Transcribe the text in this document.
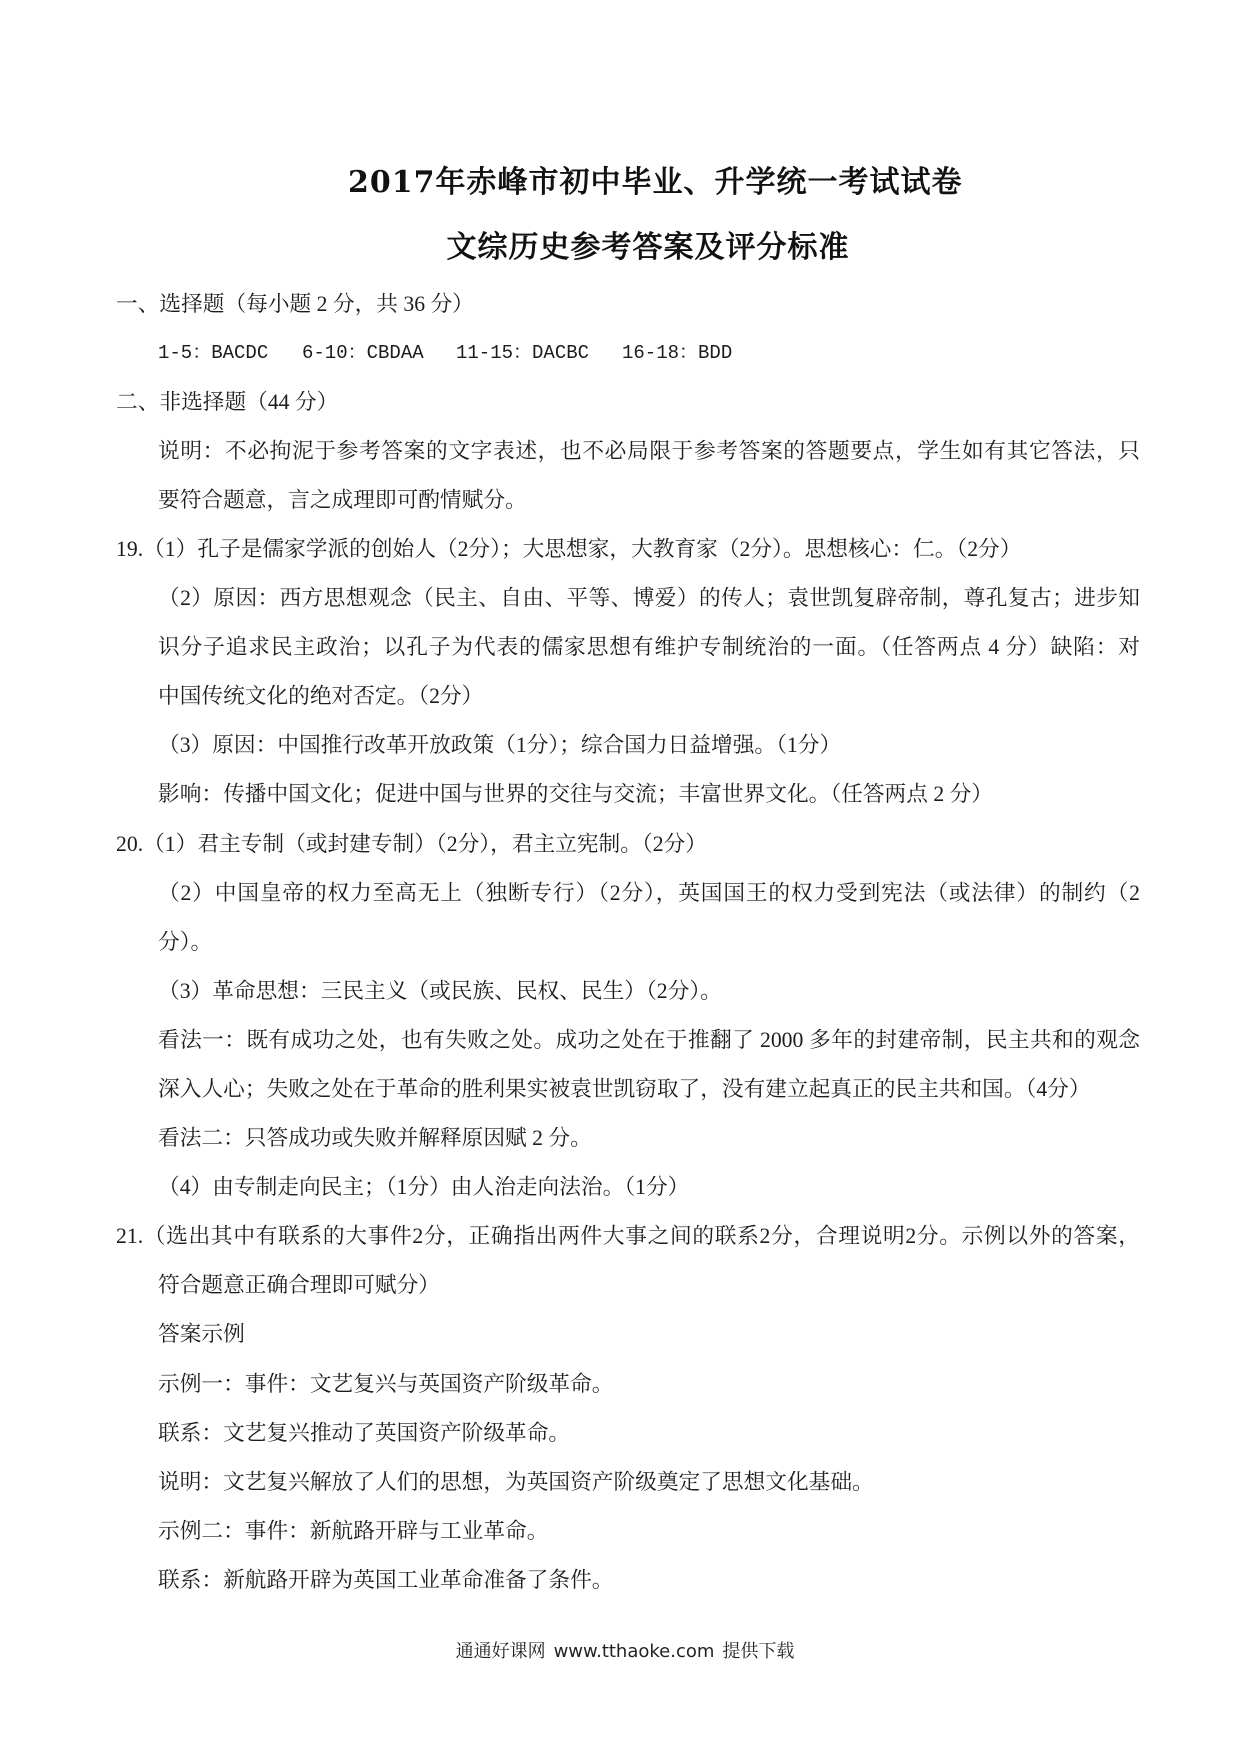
2017年赤峰市初中毕业、升学统一考试试卷
文综历史参考答案及评分标准
一、选择题（每小题 2 分，共 36 分）
1-5：BACDC 6-10：CBDAA 11-15：DACBC 16-18：BDD
二、非选择题（44 分）
说明：不必拘泥于参考答案的文字表述，也不必局限于参考答案的答题要点，学生如有其它答法，只
要符合题意，言之成理即可酌情赋分。
19.（1）孔子是儒家学派的创始人（2分）；大思想家，大教育家（2分）。思想核心：仁。（2分）
（2）原因：西方思想观念（民主、自由、平等、博爱）的传人；袁世凯复辟帝制，尊孔复古；进步知
识分子追求民主政治；以孔子为代表的儒家思想有维护专制统治的一面。（任答两点 4 分）缺陷：对
中国传统文化的绝对否定。（2分）
（3）原因：中国推行改革开放政策（1分）；综合国力日益增强。（1分）
影响：传播中国文化；促进中国与世界的交往与交流；丰富世界文化。（任答两点 2 分）
20.（1）君主专制（或封建专制）（2分），君主立宪制。（2分）
（2）中国皇帝的权力至高无上（独断专行）（2分），英国国王的权力受到宪法（或法律）的制约（2
分）。
（3）革命思想：三民主义（或民族、民权、民生）（2分）。
看法一：既有成功之处，也有失败之处。成功之处在于推翻了 2000 多年的封建帝制，民主共和的观念
深入人心；失败之处在于革命的胜利果实被袁世凯窃取了，没有建立起真正的民主共和国。（4分）
看法二：只答成功或失败并解释原因赋 2 分。
（4）由专制走向民主；（1分）由人治走向法治。（1分）
21.（选出其中有联系的大事件2分，正确指出两件大事之间的联系2分，合理说明2分。示例以外的答案，
符合题意正确合理即可赋分）
答案示例
示例一：事件：文艺复兴与英国资产阶级革命。
联系：文艺复兴推动了英国资产阶级革命。
说明：文艺复兴解放了人们的思想，为英国资产阶级奠定了思想文化基础。
示例二：事件：新航路开辟与工业革命。
联系：新航路开辟为英国工业革命准备了条件。
通通好课网 www.tthaoke.com 提供下载
